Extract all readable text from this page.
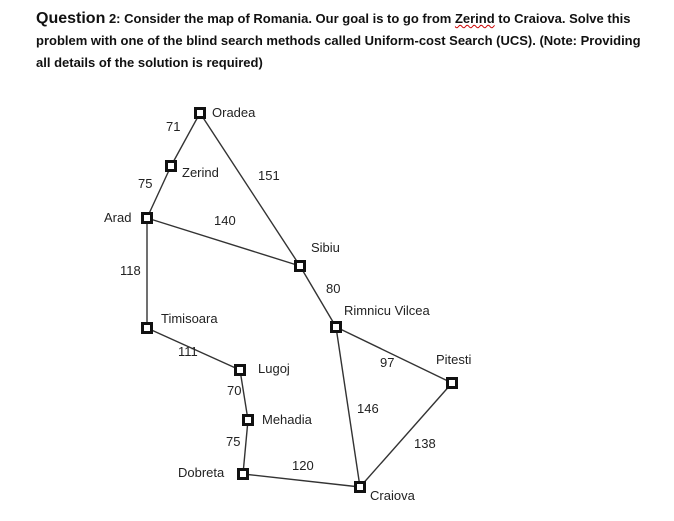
Question 2: Consider the map of Romania. Our goal is to go from Zerind to Craiova. Solve this problem with one of the blind search methods called Uniform-cost Search (UCS). (Note: Providing all details of the solution is required)
Oradea
Zerind
Arad
Sibiu
Timisoara
Lugoj
Mehadia
Dobreta
Rimnicu Vilcea
Pitesti
Craiova
71
75
151
140
118
111
70
75
120
80
97
146
138
